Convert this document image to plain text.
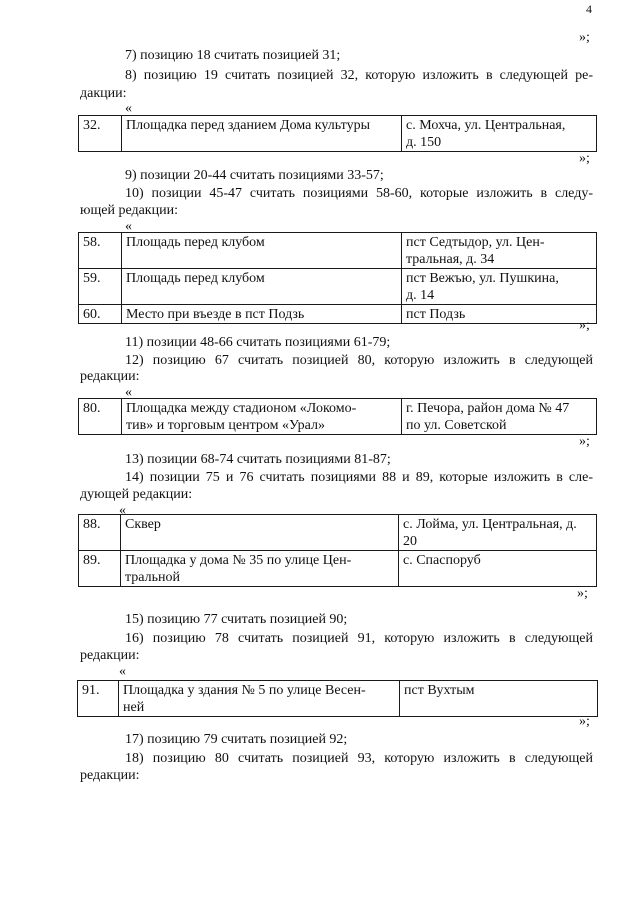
4
»;
7) позицию 18 считать позицией 31;
8) позицию 19 считать позицией 32, которую изложить в следующей ре-
дакции:
«
32.	Площадка перед зданием Дома культуры	с. Мохча, ул. Центральная,
д. 150
»;
9) позиции 20-44 считать позициями 33-57;
10) позиции 45-47 считать позициями 58-60, которые изложить в следу-
ющей редакции:
«
58.	Площадь перед клубом	пст Седтыдор, ул. Цен-
тральная, д. 34
59.	Площадь перед клубом	пст Вежъю, ул. Пушкина,
д. 14
60.	Место при въезде в пст Подзь	пст Подзь
»;
11) позиции 48-66 считать позициями 61-79;
12) позицию 67 считать позицией 80, которую изложить в следующей
редакции:
«
80.	Площадка между стадионом «Локомо-
тив» и торговым центром «Урал»	г. Печора, район дома № 47
по ул. Советской
»;
13) позиции 68-74 считать позициями 81-87;
14) позиции 75 и 76 считать позициями 88 и 89, которые изложить в сле-
дующей редакции:
«
88.	Сквер	с. Лойма, ул. Центральная, д.
20
89.	Площадка у дома № 35 по улице Цен-
тральной	с. Спаспоруб
»;
15) позицию 77 считать позицией 90;
16) позицию 78 считать позицией 91, которую изложить в следующей
редакции:
«
91.	Площадка у здания № 5 по улице Весен-
ней	пст Вухтым
»;
17) позицию 79 считать позицией 92;
18) позицию 80 считать позицией 93, которую изложить в следующей
редакции:
